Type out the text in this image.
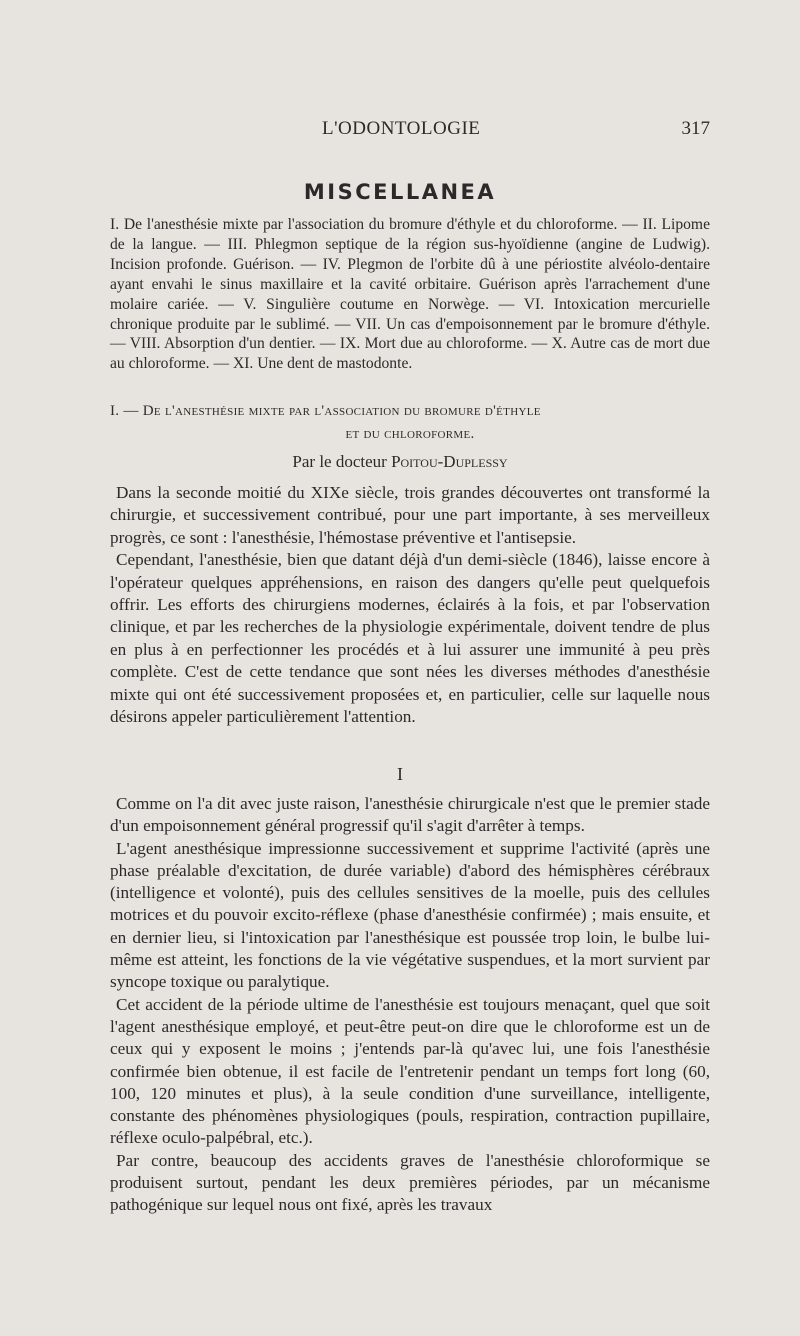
L'ODONTOLOGIE	317
MISCELLANEA

I. De l'anesthésie mixte par l'association du bromure d'éthyle et du chloroforme. — II. Lipome de la langue. — III. Phlegmon septique de la région sus-hyoïdienne (angine de Ludwig). Incision profonde. Guérison. — IV. Plegmon de l'orbite dû à une périostite alvéolo-dentaire ayant envahi le sinus maxillaire et la cavité orbitaire. Guérison après l'arrachement d'une molaire cariée. — V. Singulière coutume en Norwège. — VI. Intoxication mercurielle chronique produite par le sublimé. — VII. Un cas d'empoisonnement par le bromure d'éthyle. — VIII. Absorption d'un dentier. — IX. Mort due au chloroforme. — X. Autre cas de mort due au chloroforme. — XI. Une dent de mastodonte.

I. — De l'anesthésie mixte par l'association du bromure d'éthyle
et du chloroforme.
Par le docteur Poitou-Duplessy

Dans la seconde moitié du XIXe siècle, trois grandes découvertes ont transformé la chirurgie, et successivement contribué, pour une part importante, à ses merveilleux progrès, ce sont : l'anesthésie, l'hémostase préventive et l'antisepsie.

Cependant, l'anesthésie, bien que datant déjà d'un demi-siècle (1846), laisse encore à l'opérateur quelques appréhensions, en raison des dangers qu'elle peut quelquefois offrir. Les efforts des chirurgiens modernes, éclairés à la fois, et par l'observation clinique, et par les recherches de la physiologie expérimentale, doivent tendre de plus en plus à en perfectionner les procédés et à lui assurer une immunité à peu près complète. C'est de cette tendance que sont nées les diverses méthodes d'anesthésie mixte qui ont été successivement proposées et, en particulier, celle sur laquelle nous désirons appeler particulièrement l'attention.

I

Comme on l'a dit avec juste raison, l'anesthésie chirurgicale n'est que le premier stade d'un empoisonnement général progressif qu'il s'agit d'arrêter à temps.

L'agent anesthésique impressionne successivement et supprime l'activité (après une phase préalable d'excitation, de durée variable) d'abord des hémisphères cérébraux (intelligence et volonté), puis des cellules sensitives de la moelle, puis des cellules motrices et du pouvoir excito-réflexe (phase d'anesthésie confirmée) ; mais ensuite, et en dernier lieu, si l'intoxication par l'anesthésique est poussée trop loin, le bulbe lui-même est atteint, les fonctions de la vie végétative suspendues, et la mort survient par syncope toxique ou paralytique.

Cet accident de la période ultime de l'anesthésie est toujours menaçant, quel que soit l'agent anesthésique employé, et peut-être peut-on dire que le chloroforme est un de ceux qui y exposent le moins ; j'entends par-là qu'avec lui, une fois l'anesthésie confirmée bien obtenue, il est facile de l'entretenir pendant un temps fort long (60, 100, 120 minutes et plus), à la seule condition d'une surveillance, intelligente, constante des phénomènes physiologiques (pouls, respiration, contraction pupillaire, réflexe oculo-palpébral, etc.).

Par contre, beaucoup des accidents graves de l'anesthésie chloroformique se produisent surtout, pendant les deux premières périodes, par un mécanisme pathogénique sur lequel nous ont fixé, après les travaux
